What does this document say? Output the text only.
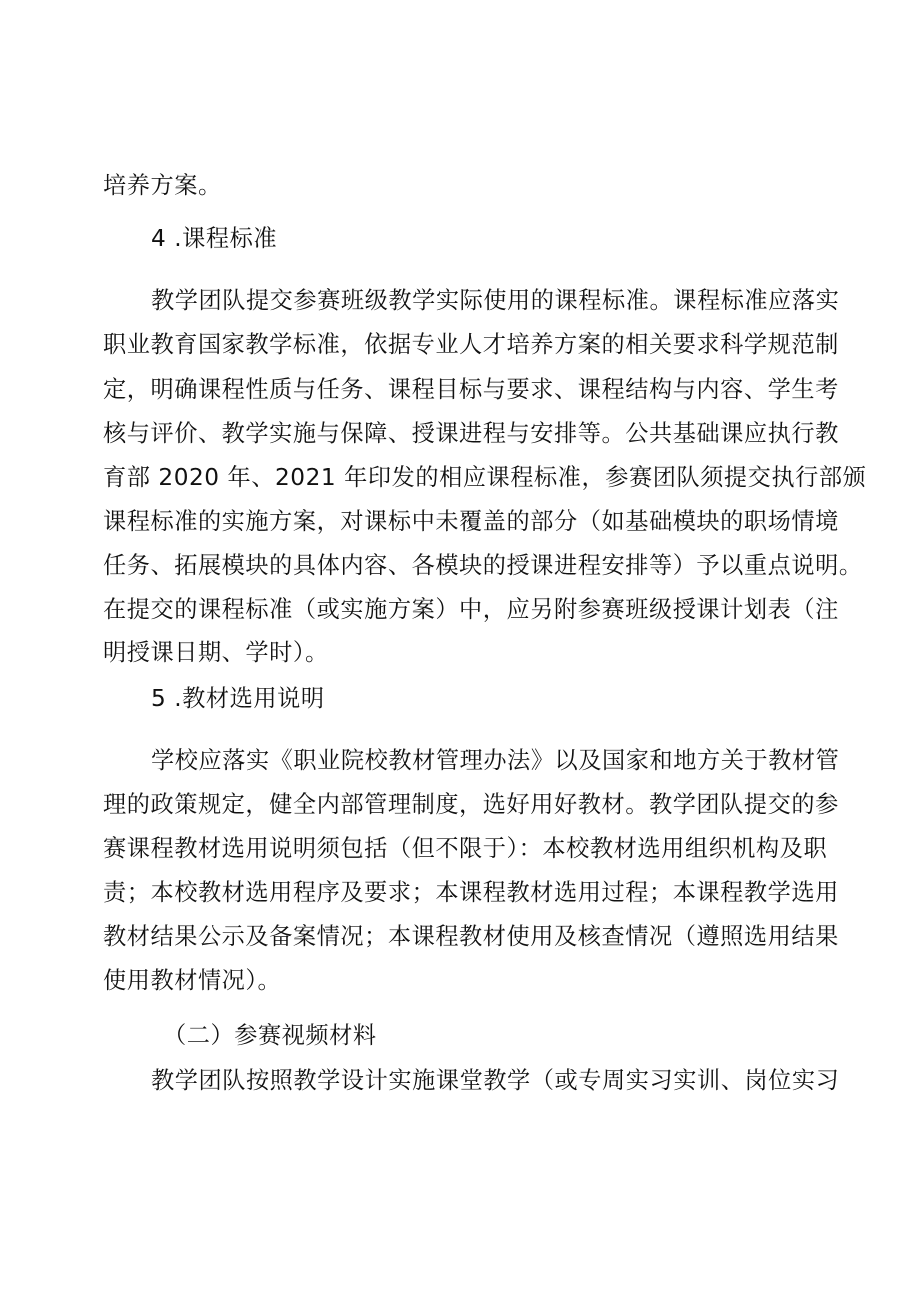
培养方案。
4 .课程标准
教学团队提交参赛班级教学实际使用的课程标准。课程标准应落实
职业教育国家教学标准，依据专业人才培养方案的相关要求科学规范制
定，明确课程性质与任务、课程目标与要求、课程结构与内容、学生考
核与评价、教学实施与保障、授课进程与安排等。公共基础课应执行教
育部 2020 年、2021 年印发的相应课程标准，参赛团队须提交执行部颁
课程标准的实施方案，对课标中未覆盖的部分（如基础模块的职场情境
任务、拓展模块的具体内容、各模块的授课进程安排等）予以重点说明。
在提交的课程标准（或实施方案）中，应另附参赛班级授课计划表（注
明授课日期、学时）。
5 .教材选用说明
学校应落实《职业院校教材管理办法》以及国家和地方关于教材管
理的政策规定，健全内部管理制度，选好用好教材。教学团队提交的参
赛课程教材选用说明须包括（但不限于）：本校教材选用组织机构及职
责；本校教材选用程序及要求；本课程教材选用过程；本课程教学选用
教材结果公示及备案情况；本课程教材使用及核查情况（遵照选用结果
使用教材情况）。
（二）参赛视频材料
教学团队按照教学设计实施课堂教学（或专周实习实训、岗位实习
